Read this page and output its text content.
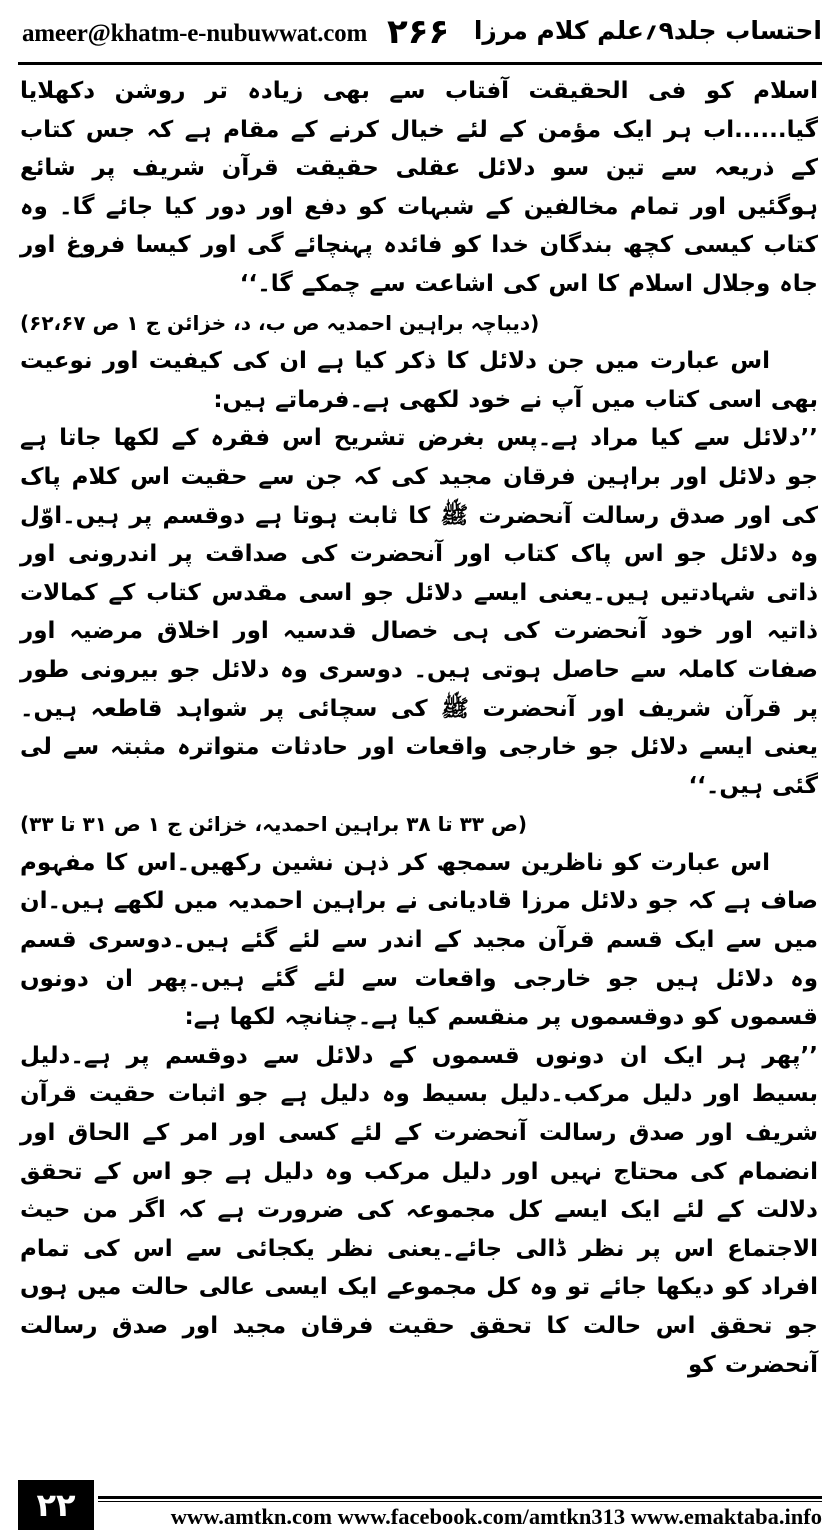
ameer@khatm-e-nubuwwat.com ۲۶۶ احتساب جلد۹؍علم کلام مرزا

اسلام کو فی الحقیقت آفتاب سے بھی زیادہ تر روشن دکھلایا گیا......اب ہر ایک مؤمن کے لئے خیال کرنے کے مقام ہے کہ جس کتاب کے ذریعہ سے تین سو دلائل عقلی حقیقت قرآن شریف پر شائع ہوگئیں اور تمام مخالفین کے شبہات کو دفع اور دور کیا جائے گا۔ وہ کتاب کیسی کچھ بندگان خدا کو فائدہ پہنچائے گی اور کیسا فروغ اور جاہ وجلال اسلام کا اس کی اشاعت سے چمکے گا۔‘‘

(دیباچہ براہین احمدیہ ص ب، د، خزائن ج ۱ ص ۶۲،۶۷)

اس عبارت میں جن دلائل کا ذکر کیا ہے ان کی کیفیت اور نوعیت بھی اسی کتاب میں آپ نے خود لکھی ہے۔فرماتے ہیں:

’’دلائل سے کیا مراد ہے۔پس بغرض تشریح اس فقرہ کے لکھا جاتا ہے جو دلائل اور براہین فرقان مجید کی کہ جن سے حقیت اس کلام پاک کی اور صدق رسالت آنحضرت ﷺ کا ثابت ہوتا ہے دوقسم پر ہیں۔اوّل وہ دلائل جو اس پاک کتاب اور آنحضرت کی صداقت پر اندرونی اور ذاتی شہادتیں ہیں۔یعنی ایسے دلائل جو اسی مقدس کتاب کے کمالات ذاتیہ اور خود آنحضرت کی ہی خصال قدسیہ اور اخلاق مرضیہ اور صفات کاملہ سے حاصل ہوتی ہیں۔ دوسری وہ دلائل جو بیرونی طور پر قرآن شریف اور آنحضرت ﷺ کی سچائی پر شواہد قاطعہ ہیں۔یعنی ایسے دلائل جو خارجی واقعات اور حادثات متواترہ مثبتہ سے لی گئی ہیں۔‘‘

(ص ۳۳ تا ۳۸ براہین احمدیہ، خزائن ج ۱ ص ۳۱ تا ۳۳)

اس عبارت کو ناظرین سمجھ کر ذہن نشین رکھیں۔اس کا مفہوم صاف ہے کہ جو دلائل مرزا قادیانی نے براہین احمدیہ میں لکھے ہیں۔ان میں سے ایک قسم قرآن مجید کے اندر سے لئے گئے ہیں۔دوسری قسم وہ دلائل ہیں جو خارجی واقعات سے لئے گئے ہیں۔پھر ان دونوں قسموں کو دوقسموں پر منقسم کیا ہے۔چنانچہ لکھا ہے:

’’پھر ہر ایک ان دونوں قسموں کے دلائل سے دوقسم پر ہے۔دلیل بسیط اور دلیل مرکب۔دلیل بسیط وہ دلیل ہے جو اثبات حقیت قرآن شریف اور صدق رسالت آنحضرت کے لئے کسی اور امر کے الحاق اور انضمام کی محتاج نہیں اور دلیل مرکب وہ دلیل ہے جو اس کے تحقق دلالت کے لئے ایک ایسے کل مجموعہ کی ضرورت ہے کہ اگر من حیث الاجتماع اس پر نظر ڈالی جائے۔یعنی نظر یکجائی سے اس کی تمام افراد کو دیکھا جائے تو وہ کل مجموعے ایک ایسی عالی حالت میں ہوں جو تحقق اس حالت کا تحقق حقیت فرقان مجید اور صدق رسالت آنحضرت کو

۲۲	www.amtkn.com www.facebook.com/amtkn313 www.emaktaba.info
